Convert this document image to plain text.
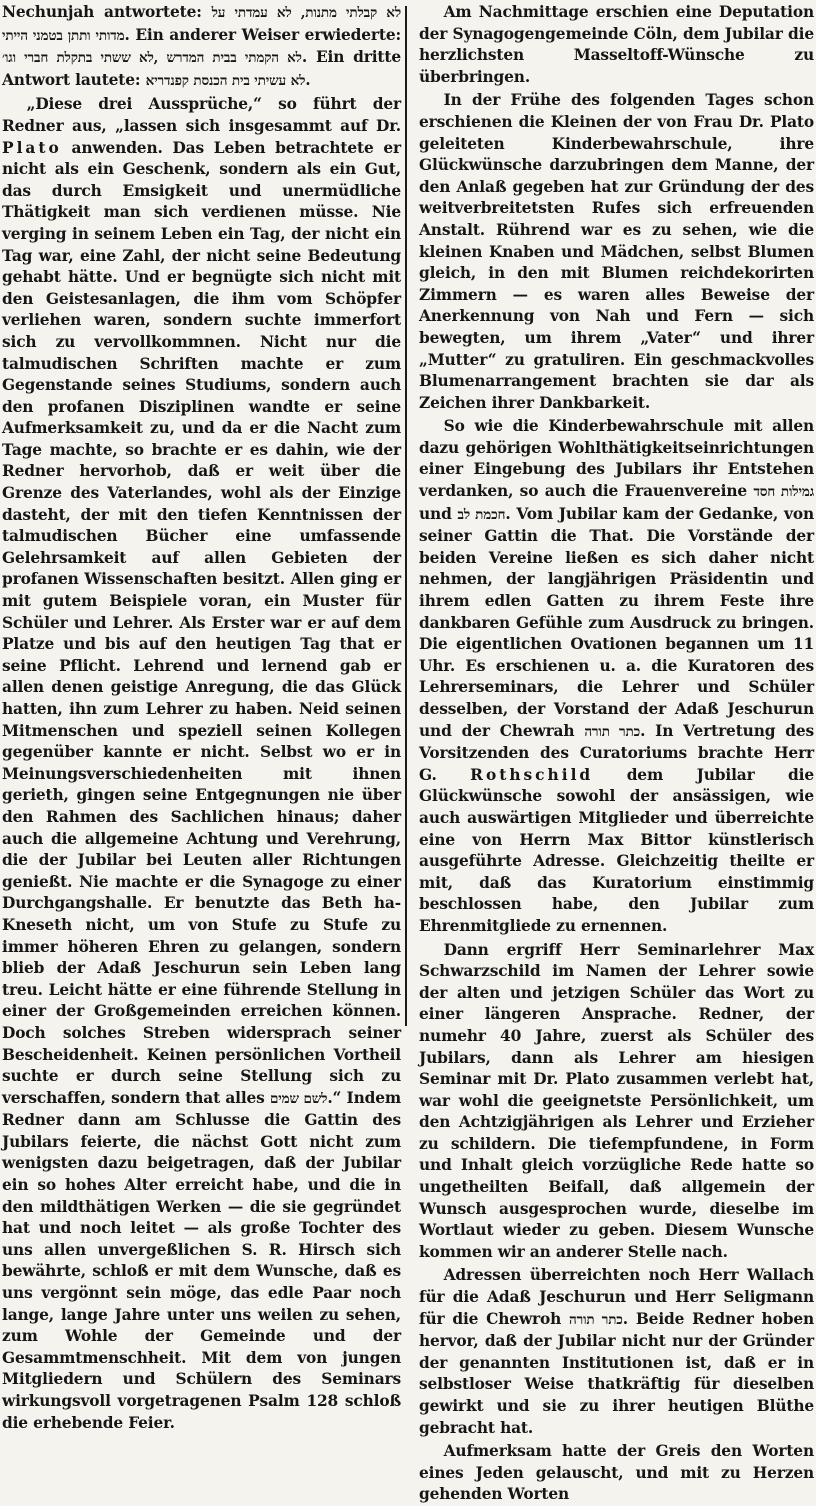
Nechunjah antwortete: לא קבלתי מתנות, לא עמדתי על מדותי ותתן בטמני הייתי. Ein anderer Weiser erwiederte: לא הקמתי בבית המדרש ,לא ששתי בתקלת חברי וגו׳. Ein dritte Antwort lautete: לא עשיתי בית הכנסת קפנדריא.

„Diese drei Aussprüche,“ so führt der Redner aus, „lassen sich insgesammt auf Dr. Plato anwenden. Das Leben betrachtete er nicht als ein Geschenk, sondern als ein Gut, das durch Emsigkeit und unermüdliche Thätigkeit man sich verdienen müsse. Nie verging in seinem Leben ein Tag, der nicht ein Tag war, eine Zahl, der nicht seine Bedeutung gehabt hätte. Und er begnügte sich nicht mit den Geistesanlagen, die ihm vom Schöpfer verliehen waren, sondern suchte immerfort sich zu vervollkommnen. Nicht nur die talmudischen Schriften machte er zum Gegenstande seines Studiums, sondern auch den profanen Disziplinen wandte er seine Aufmerksamkeit zu, und da er die Nacht zum Tage machte, so brachte er es dahin, wie der Redner hervorhob, daß er weit über die Grenze des Vaterlandes, wohl als der Einzige dasteht, der mit den tiefen Kenntnissen der talmudischen Bücher eine umfassende Gelehrsamkeit auf allen Gebieten der profanen Wissenschaften besitzt. Allen ging er mit gutem Beispiele voran, ein Muster für Schüler und Lehrer. Als Erster war er auf dem Platze und bis auf den heutigen Tag that er seine Pflicht. Lehrend und lernend gab er allen denen geistige Anregung, die das Glück hatten, ihn zum Lehrer zu haben. Neid seinen Mitmenschen und speziell seinen Kollegen gegenüber kannte er nicht. Selbst wo er in Meinungsverschiedenheiten mit ihnen gerieth, gingen seine Entgegnungen nie über den Rahmen des Sachlichen hinaus; daher auch die allgemeine Achtung und Verehrung, die der Jubilar bei Leuten aller Richtungen genießt. Nie machte er die Synagoge zu einer Durchgangshalle. Er benutzte das Beth ha-Kneseth nicht, um von Stufe zu Stufe zu immer höheren Ehren zu gelangen, sondern blieb der Adaß Jeschurun sein Leben lang treu. Leicht hätte er eine führende Stellung in einer der Großgemeinden erreichen können. Doch solches Streben widersprach seiner Bescheidenheit. Keinen persönlichen Vortheil suchte er durch seine Stellung sich zu verschaffen, sondern that alles לשם שמים.“ Indem Redner dann am Schlusse die Gattin des Jubilars feierte, die nächst Gott nicht zum wenigsten dazu beigetragen, daß der Jubilar ein so hohes Alter erreicht habe, und die in den mildthätigen Werken — die sie gegründet hat und noch leitet — als große Tochter des uns allen unvergeßlichen S. R. Hirsch sich bewährte, schloß er mit dem Wunsche, daß es uns vergönnt sein möge, das edle Paar noch lange, lange Jahre unter uns weilen zu sehen, zum Wohle der Gemeinde und der Gesammtmenschheit. Mit dem von jungen Mitgliedern und Schülern des Seminars wirkungsvoll vorgetragenen Psalm 128 schloß die erhebende Feier.

Am Nachmittage erschien eine Deputation der Synagogengemeinde Cöln, dem Jubilar die herzlichsten Masseltoff-Wünsche zu überbringen.

In der Frühe des folgenden Tages schon erschienen die Kleinen der von Frau Dr. Plato geleiteten Kinderbewahrschule, ihre Glückwünsche darzubringen dem Manne, der den Anlaß gegeben hat zur Gründung der des weitverbreitetsten Rufes sich erfreuenden Anstalt. Rührend war es zu sehen, wie die kleinen Knaben und Mädchen, selbst Blumen gleich, in den mit Blumen reichdekorirten Zimmern — es waren alles Beweise der Anerkennung von Nah und Fern — sich bewegten, um ihrem „Vater“ und ihrer „Mutter“ zu gratuliren. Ein geschmackvolles Blumenarrangement brachten sie dar als Zeichen ihrer Dankbarkeit.

So wie die Kinderbewahrschule mit allen dazu gehörigen Wohlthätigkeitseinrichtungen einer Eingebung des Jubilars ihr Entstehen verdanken, so auch die Frauenvereine גמילות חסד und חכמת לב. Vom Jubilar kam der Gedanke, von seiner Gattin die That. Die Vorstände der beiden Vereine ließen es sich daher nicht nehmen, der langjährigen Präsidentin und ihrem edlen Gatten zu ihrem Feste ihre dankbaren Gefühle zum Ausdruck zu bringen. Die eigentlichen Ovationen begannen um 11 Uhr. Es erschienen u. a. die Kuratoren des Lehrerseminars, die Lehrer und Schüler desselben, der Vorstand der Adaß Jeschurun und der Chewrah כתר תורה. In Vertretung des Vorsitzenden des Curatoriums brachte Herr G. Rothschild dem Jubilar die Glückwünsche sowohl der ansässigen, wie auch auswärtigen Mitglieder und überreichte eine von Herrn Max Bittor künstlerisch ausgeführte Adresse. Gleichzeitig theilte er mit, daß das Kuratorium einstimmig beschlossen habe, den Jubilar zum Ehrenmitgliede zu ernennen.

Dann ergriff Herr Seminarlehrer Max Schwarzschild im Namen der Lehrer sowie der alten und jetzigen Schüler das Wort zu einer längeren Ansprache. Redner, der numehr 40 Jahre, zuerst als Schüler des Jubilars, dann als Lehrer am hiesigen Seminar mit Dr. Plato zusammen verlebt hat, war wohl die geeignetste Persönlichkeit, um den Achtzigjährigen als Lehrer und Erzieher zu schildern. Die tiefempfundene, in Form und Inhalt gleich vorzügliche Rede hatte so ungetheilten Beifall, daß allgemein der Wunsch ausgesprochen wurde, dieselbe im Wortlaut wieder zu geben. Diesem Wunsche kommen wir an anderer Stelle nach.

Adressen überreichten noch Herr Wallach für die Adaß Jeschurun und Herr Seligmann für die Chewroh כתר תורה. Beide Redner hoben hervor, daß der Jubilar nicht nur der Gründer der genannten Institutionen ist, daß er in selbstloser Weise thatkräftig für dieselben gewirkt und sie zu ihrer heutigen Blüthe gebracht hat.

Aufmerksam hatte der Greis den Worten eines Jeden gelauscht, und mit zu Herzen gehenden Worten
